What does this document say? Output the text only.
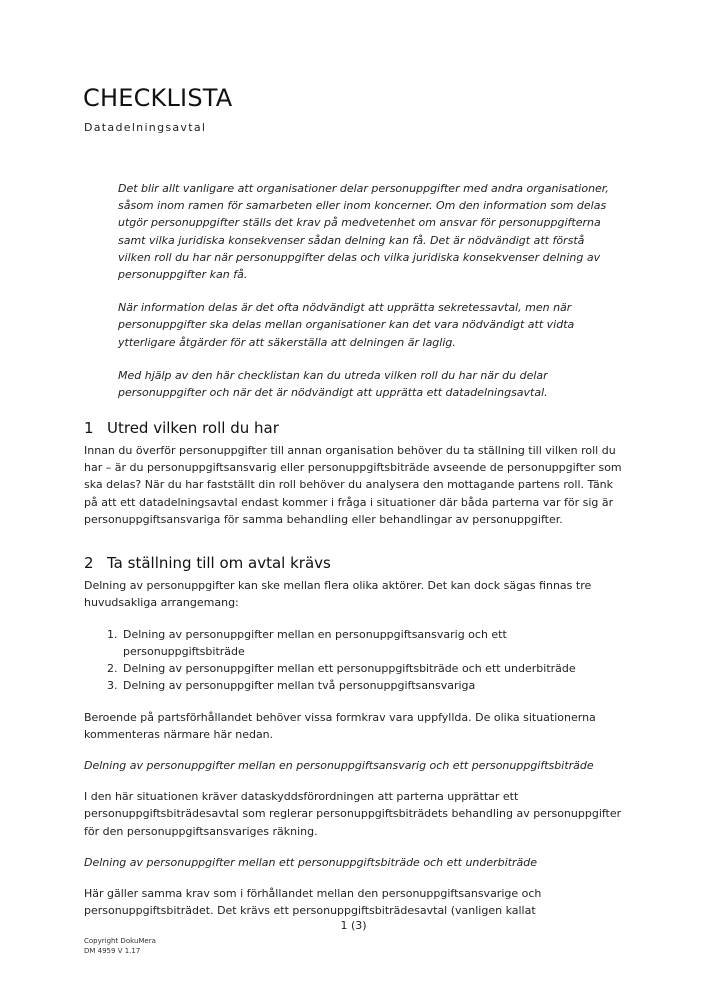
CHECKLISTA
Datadelningsavtal

Det blir allt vanligare att organisationer delar personuppgifter med andra organisationer, såsom inom ramen för samarbeten eller inom koncerner. Om den information som delas utgör personuppgifter ställs det krav på medvetenhet om ansvar för personuppgifterna samt vilka juridiska konsekvenser sådan delning kan få. Det är nödvändigt att förstå vilken roll du har när personuppgifter delas och vilka juridiska konsekvenser delning av personuppgifter kan få.

När information delas är det ofta nödvändigt att upprätta sekretessavtal, men när personuppgifter ska delas mellan organisationer kan det vara nödvändigt att vidta ytterligare åtgärder för att säkerställa att delningen är laglig.

Med hjälp av den här checklistan kan du utreda vilken roll du har när du delar personuppgifter och när det är nödvändigt att upprätta ett datadelningsavtal.

1 Utred vilken roll du har

Innan du överför personuppgifter till annan organisation behöver du ta ställning till vilken roll du har – är du personuppgiftsansvarig eller personuppgiftsbiträde avseende de personuppgifter som ska delas? När du har fastställt din roll behöver du analysera den mottagande partens roll. Tänk på att ett datadelningsavtal endast kommer i fråga i situationer där båda parterna var för sig är personuppgiftsansvariga för samma behandling eller behandlingar av personuppgifter.

2 Ta ställning till om avtal krävs

Delning av personuppgifter kan ske mellan flera olika aktörer. Det kan dock sägas finnas tre huvudsakliga arrangemang:

1. Delning av personuppgifter mellan en personuppgiftsansvarig och ett personuppgiftsbiträde
2. Delning av personuppgifter mellan ett personuppgiftsbiträde och ett underbiträde
3. Delning av personuppgifter mellan två personuppgiftsansvariga

Beroende på partsförhållandet behöver vissa formkrav vara uppfyllda. De olika situationerna kommenteras närmare här nedan.

Delning av personuppgifter mellan en personuppgiftsansvarig och ett personuppgiftsbiträde

I den här situationen kräver dataskyddsförordningen att parterna upprättar ett personuppgiftsbiträdesavtal som reglerar personuppgiftsbiträdets behandling av personuppgifter för den personuppgiftsansvariges räkning.

Delning av personuppgifter mellan ett personuppgiftsbiträde och ett underbiträde

Här gäller samma krav som i förhållandet mellan den personuppgiftsansvarige och personuppgiftsbiträdet. Det krävs ett personuppgiftsbiträdesavtal (vanligen kallat

1 (3)
Copyright DokuMera
DM 4959 V 1.17
